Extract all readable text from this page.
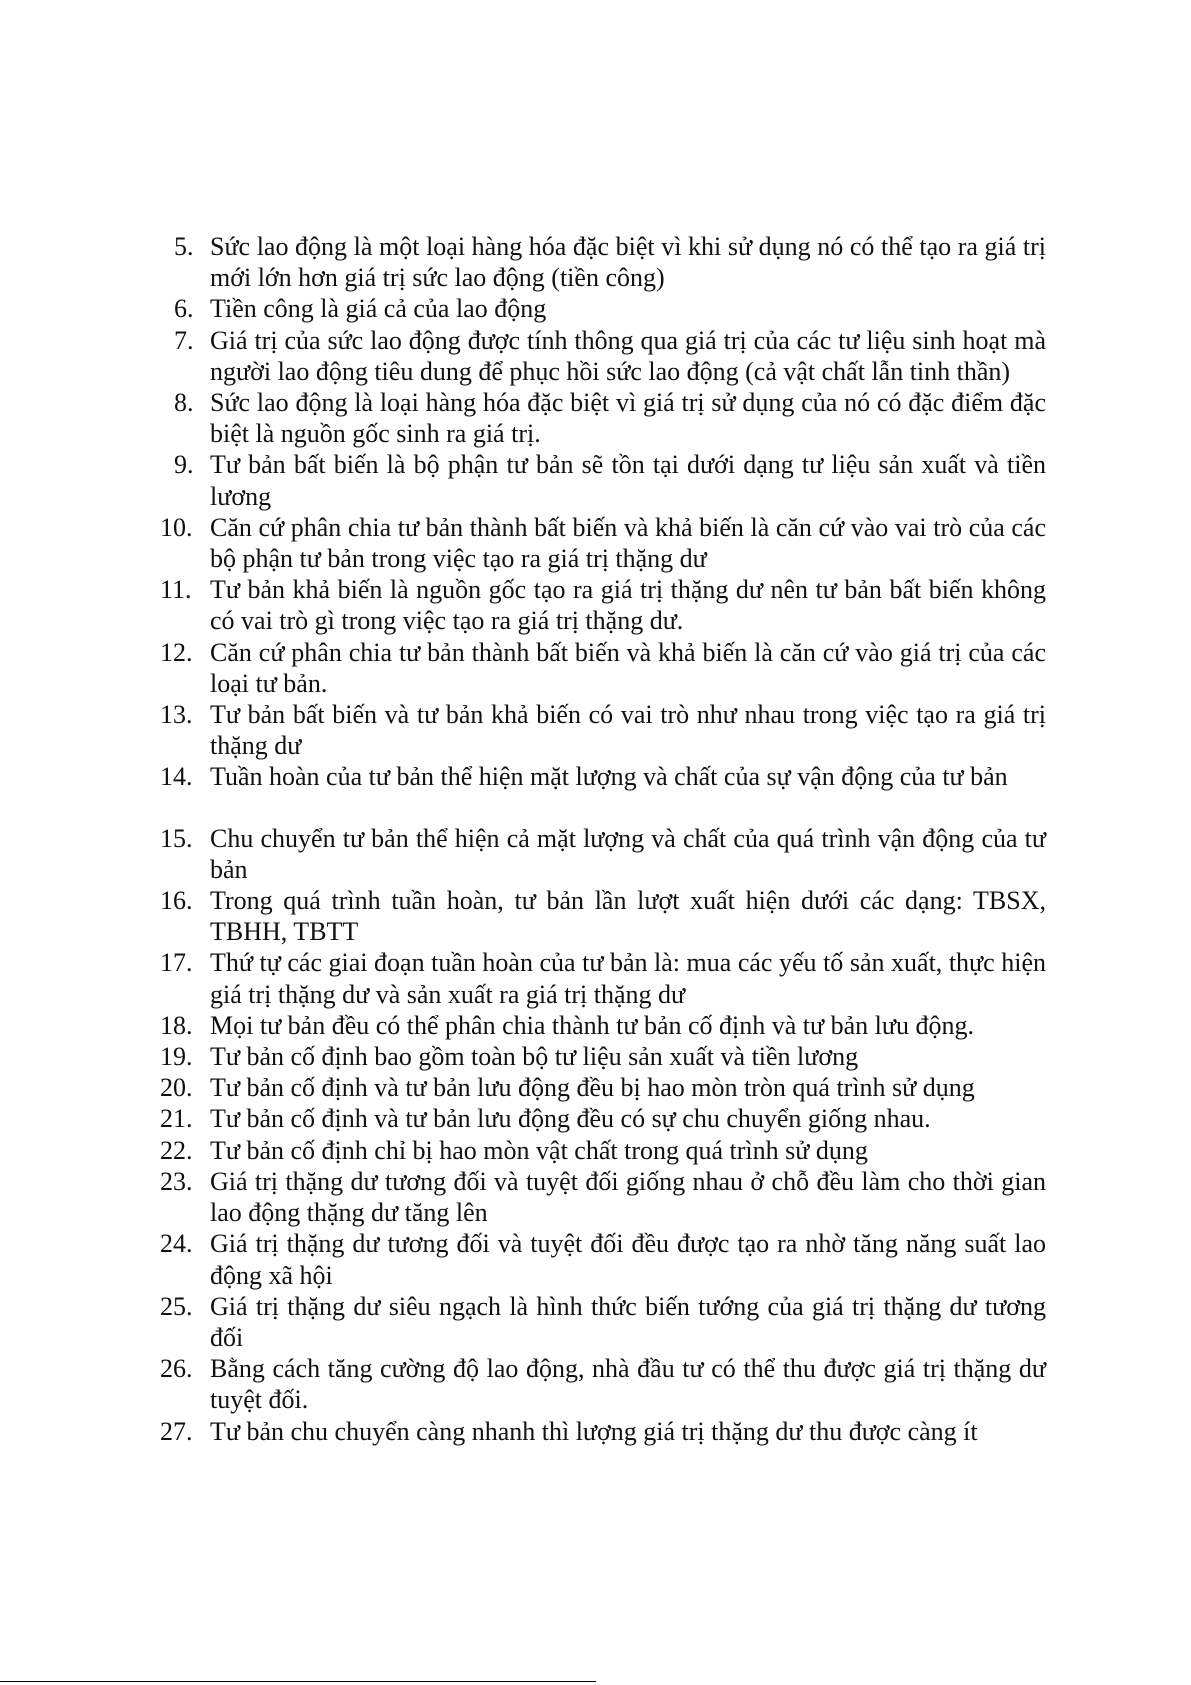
5. Sức lao động là một loại hàng hóa đặc biệt vì khi sử dụng nó có thể tạo ra giá trị mới lớn hơn giá trị sức lao động (tiền công)
6. Tiền công là giá cả của lao động
7. Giá trị của sức lao động được tính thông qua giá trị của các tư liệu sinh hoạt mà người lao động tiêu dung để phục hồi sức lao động (cả vật chất lẫn tinh thần)
8. Sức lao động là loại hàng hóa đặc biệt vì giá trị sử dụng của nó có đặc điểm đặc biệt là nguồn gốc sinh ra giá trị.
9. Tư bản bất biến là bộ phận tư bản sẽ tồn tại dưới dạng tư liệu sản xuất và tiền lương
10. Căn cứ phân chia tư bản thành bất biến và khả biến là căn cứ vào vai trò của các bộ phận tư bản trong việc tạo ra giá trị thặng dư
11. Tư bản khả biến là nguồn gốc tạo ra giá trị thặng dư nên tư bản bất biến không có vai trò gì trong việc tạo ra giá trị thặng dư.
12. Căn cứ phân chia tư bản thành bất biến và khả biến là căn cứ vào giá trị của các loại tư bản.
13. Tư bản bất biến và tư bản khả biến có vai trò như nhau trong việc tạo ra giá trị thặng dư
14. Tuần hoàn của tư bản thể hiện mặt lượng và chất của sự vận động của tư bản
15. Chu chuyển tư bản thể hiện cả mặt lượng và chất của quá trình vận động của tư bản
16. Trong quá trình tuần hoàn, tư bản lần lượt xuất hiện dưới các dạng: TBSX, TBHH, TBTT
17. Thứ tự các giai đoạn tuần hoàn của tư bản là: mua các yếu tố sản xuất, thực hiện giá trị thặng dư và sản xuất ra giá trị thặng dư
18. Mọi tư bản đều có thể phân chia thành tư bản cố định và tư bản lưu động.
19. Tư bản cố định bao gồm toàn bộ tư liệu sản xuất và tiền lương
20. Tư bản cố định và tư bản lưu động đều bị hao mòn tròn quá trình sử dụng
21. Tư bản cố định và tư bản lưu động đều có sự chu chuyển giống nhau.
22. Tư bản cố định chỉ bị hao mòn vật chất trong quá trình sử dụng
23. Giá trị thặng dư tương đối và tuyệt đối giống nhau ở chỗ đều làm cho thời gian lao động thặng dư tăng lên
24. Giá trị thặng dư tương đối và tuyệt đối đều được tạo ra nhờ tăng năng suất lao động xã hội
25. Giá trị thặng dư siêu ngạch là hình thức biến tướng của giá trị thặng dư tương đối
26. Bằng cách tăng cường độ lao động, nhà đầu tư có thể thu được giá trị thặng dư tuyệt đối.
27. Tư bản chu chuyển càng nhanh thì lượng giá trị thặng dư thu được càng ít
